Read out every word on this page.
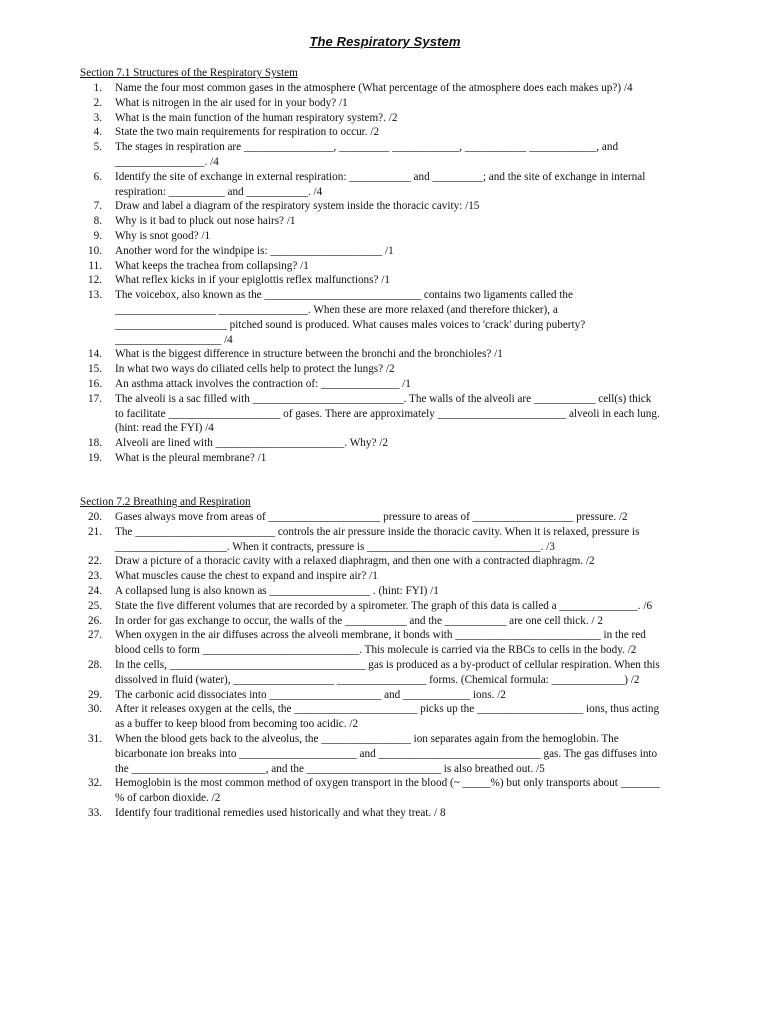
The Respiratory System
Section 7.1 Structures of the Respiratory System
1. Name the four most common gases in the atmosphere (What percentage of the atmosphere does each makes up?) /4
2. What is nitrogen in the air used for in your body? /1
3. What is the main function of the human respiratory system?. /2
4. State the two main requirements for respiration to occur. /2
5. The stages in respiration are ________________, _________ ____________, ___________ ____________, and ________________. /4
6. Identify the site of exchange in external respiration: ___________ and _________; and the site of exchange in internal respiration: __________ and ___________. /4
7. Draw and label a diagram of the respiratory system inside the thoracic cavity: /15
8. Why is it bad to pluck out nose hairs? /1
9. Why is snot good? /1
10. Another word for the windpipe is: ____________________ /1
11. What keeps the trachea from collapsing? /1
12. What reflex kicks in if your epiglottis reflex malfunctions? /1
13. The voicebox, also known as the ____________________________ contains two ligaments called the __________________ ________________. When these are more relaxed (and therefore thicker), a ____________________ pitched sound is produced. What causes males voices to 'crack' during puberty? ___________________ /4
14. What is the biggest difference in structure between the bronchi and the bronchioles? /1
15. In what two ways do ciliated cells help to protect the lungs? /2
16. An asthma attack involves the contraction of: ______________ /1
17. The alveoli is a sac filled with ___________________________. The walls of the alveoli are ___________ cell(s) thick to facilitate ____________________ of gases. There are approximately _______________________ alveoli in each lung. (hint: read the FYI) /4
18. Alveoli are lined with _______________________. Why? /2
19. What is the pleural membrane? /1
Section 7.2 Breathing and Respiration
20. Gases always move from areas of ____________________ pressure to areas of __________________ pressure. /2
21. The _________________________ controls the air pressure inside the thoracic cavity. When it is relaxed, pressure is ____________________. When it contracts, pressure is _______________________________. /3
22. Draw a picture of a thoracic cavity with a relaxed diaphragm, and then one with a contracted diaphragm. /2
23. What muscles cause the chest to expand and inspire air? /1
24. A collapsed lung is also known as __________________ . (hint: FYI) /1
25. State the five different volumes that are recorded by a spirometer. The graph of this data is called a ______________. /6
26. In order for gas exchange to occur, the walls of the ___________ and the ___________ are one cell thick. / 2
27. When oxygen in the air diffuses across the alveoli membrane, it bonds with __________________________ in the red blood cells to form ____________________________. This molecule is carried via the RBCs to cells in the body. /2
28. In the cells, ___________________________________ gas is produced as a by-product of cellular respiration. When this dissolved in fluid (water), __________________ ________________ forms. (Chemical formula: _____________) /2
29. The carbonic acid dissociates into ____________________ and ____________ ions. /2
30. After it releases oxygen at the cells, the ______________________ picks up the ___________________ ions, thus acting as a buffer to keep blood from becoming too acidic. /2
31. When the blood gets back to the alveolus, the ________________ ion separates again from the hemoglobin. The bicarbonate ion breaks into _____________________ and _____________________________ gas. The gas diffuses into the ________________________, and the ________________________ is also breathed out. /5
32. Hemoglobin is the most common method of oxygen transport in the blood (~ _____%) but only transports about _______ % of carbon dioxide. /2
33. Identify four traditional remedies used historically and what they treat. / 8
